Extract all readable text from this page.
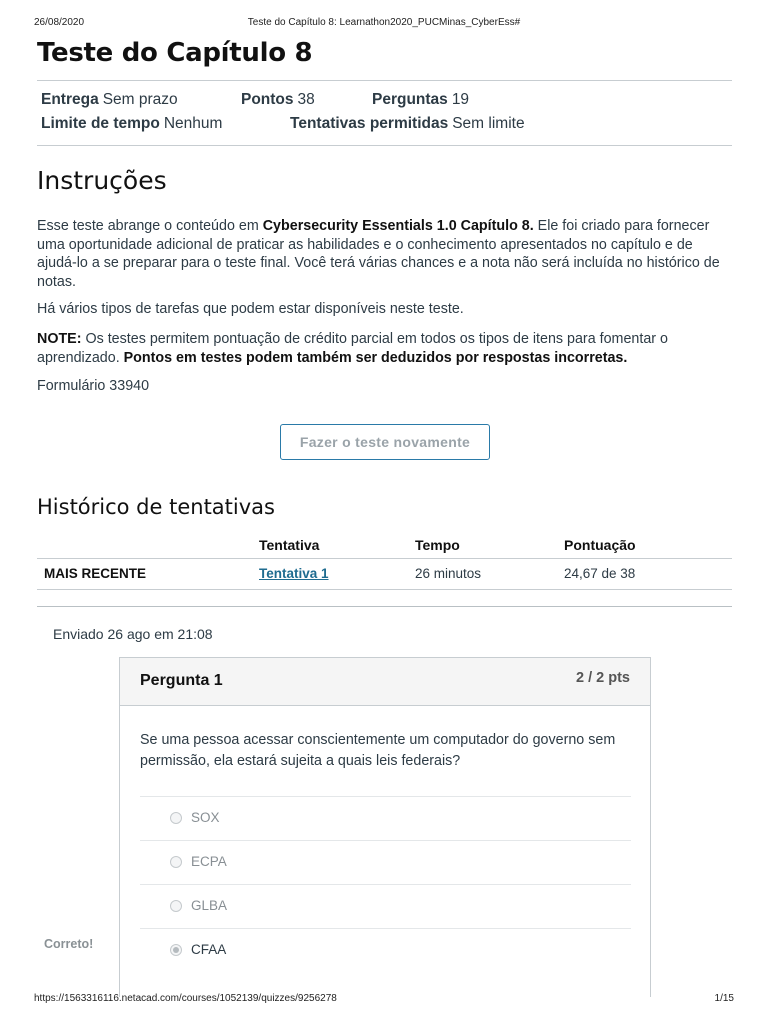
26/08/2020	Teste do Capítulo 8: Learnathon2020_PUCMinas_CyberEss#
Teste do Capítulo 8
Entrega Sem prazo	Pontos 38	Perguntas 19
Limite de tempo Nenhum	Tentativas permitidas Sem limite
Instruções

Esse teste abrange o conteúdo em Cybersecurity Essentials 1.0 Capítulo 8. Ele foi criado para fornecer uma oportunidade adicional de praticar as habilidades e o conhecimento apresentados no capítulo e de ajudá-lo a se preparar para o teste final. Você terá várias chances e a nota não será incluída no histórico de notas.

Há vários tipos de tarefas que podem estar disponíveis neste teste.

NOTE: Os testes permitem pontuação de crédito parcial em todos os tipos de itens para fomentar o aprendizado. Pontos em testes podem também ser deduzidos por respostas incorretas.

Formulário 33940

Fazer o teste novamente
Histórico de tentativas
	Tentativa	Tempo	Pontuação
MAIS RECENTE	Tentativa 1	26 minutos	24,67 de 38
Enviado 26 ago em 21:08
Pergunta 1	2 / 2 pts
Se uma pessoa acessar conscientemente um computador do governo sem permissão, ela estará sujeita a quais leis federais?
SOX
ECPA
GLBA
CFAA
Correto!
https://1563316116.netacad.com/courses/1052139/quizzes/9256278	1/15
